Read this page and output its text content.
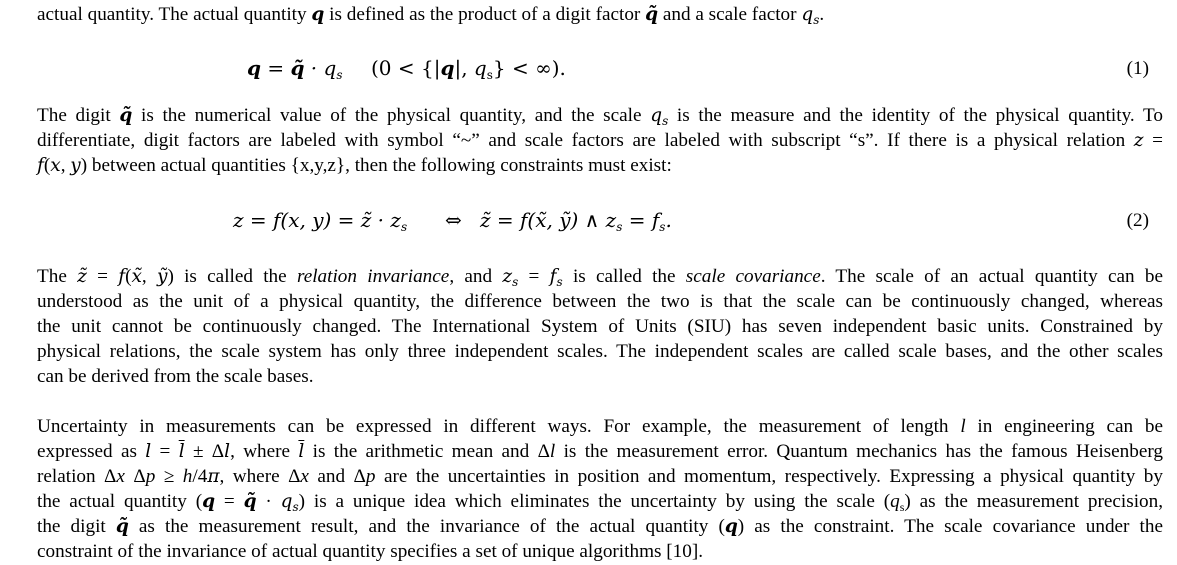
actual quantity. The actual quantity q is defined as the product of a digit factor q̃ and a scale factor $q_s$.
q = q̃ · $q_s$ (0 < {|q|, $q_s$} < ∞).	(1)
The digit q̃ is the numerical value of the physical quantity, and the scale $q_s$ is the measure and the identity of the physical quantity. To
differentiate, digit factors are labeled with symbol “~” and scale factors are labeled with subscript “s”. If there is a physical relation z =
f(x, y) between actual quantities {x,y,z}, then the following constraints must exist:
z = f(x, y) = z̃ · $z_s$ ⇔ z̃ = f(x̃, ỹ) ∧ $z_s = f_s$.	(2)
The z̃ = f(x̃, ỹ) is called the relation invariance, and $z_s = f_s$ is called the scale covariance. The scale of an actual quantity can be
understood as the unit of a physical quantity, the difference between the two is that the scale can be continuously changed, whereas
the unit cannot be continuously changed. The International System of Units (SIU) has seven independent basic units. Constrained by
physical relations, the scale system has only three independent scales. The independent scales are called scale bases, and the other scales
can be derived from the scale bases.
Uncertainty in measurements can be expressed in different ways. For example, the measurement of length l in engineering can be
expressed as $l = \overline{l} \pm \Delta l$, where $\overline{l}$ is the arithmetic mean and Δl is the measurement error. Quantum mechanics has the famous Heisenberg
relation Δx Δp ≥ h/4π, where Δx and Δp are the uncertainties in position and momentum, respectively. Expressing a physical quantity by
the actual quantity (q = q̃ · $q_s$) is a unique idea which eliminates the uncertainty by using the scale $(q_s)$ as the measurement precision,
the digit q̃ as the measurement result, and the invariance of the actual quantity (q) as the constraint. The scale covariance under the
constraint of the invariance of actual quantity specifies a set of unique algorithms [10].
